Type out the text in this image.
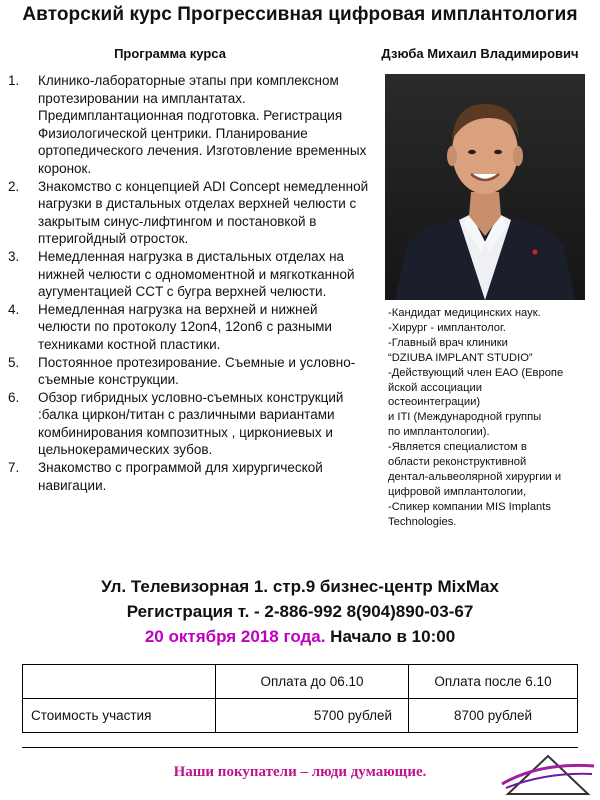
Авторский курс Прогрессивная цифровая имплантология
Программа курса	Дзюба Михаил Владимирович
1. Клинико-лабораторные этапы при комплексном протезировании на имплантатах. Предимплантационная подготовка. Регистрация Физиологической центрики. Планирование ортопедического лечения. Изготовление временных коронок.
2. Знакомство с концепцией ADI Concept немедленной нагрузки в дистальных отделах верхней челюсти с закрытым синус-лифтингом и постановкой в птеригойдный отросток.
3. Немедленная нагрузка в дистальных отделах на нижней челюсти с одномоментной и мягкотканной аугументацией CCT с бугра верхней челюсти.
4. Немедленная нагрузка на верхней и нижней челюсти по протоколу 12on4, 12on6 с разными техниками костной пластики.
5. Постоянное протезирование. Съемные и условно-съемные конструкции.
6. Обзор гибридных условно-съемных конструкций :балка циркон/титан с различными вариантами комбинирования композитных , циркониевых и цельнокерамических зубов.
7. Знакомство с программой для хирургической навигации.
-Кандидат медицинских наук.
-Хирург - имплантолог.
-Главный врач клиники
“DZIUBA IMPLANT STUDIO”
-Действующий член ЕАО (Европе
йской ассоциации
остеоинтеграции)
и ITI (Международной группы
по имплантологии).
-Является специалистом в
области реконструктивной
дентал-альвеолярной хирургии и
цифровой имплантологии,
-Спикер компании MIS Implants
Technologies.
Ул. Телевизорная 1. стр.9 бизнес-центр MixMax
Регистрация т. - 2-886-992 8(904)890-03-67
20 октября 2018 года. Начало в 10:00
	Оплата до 06.10	Оплата после 6.10
Стоимость участия	5700 рублей	8700 рублей
Наши покупатели – люди думающие.
